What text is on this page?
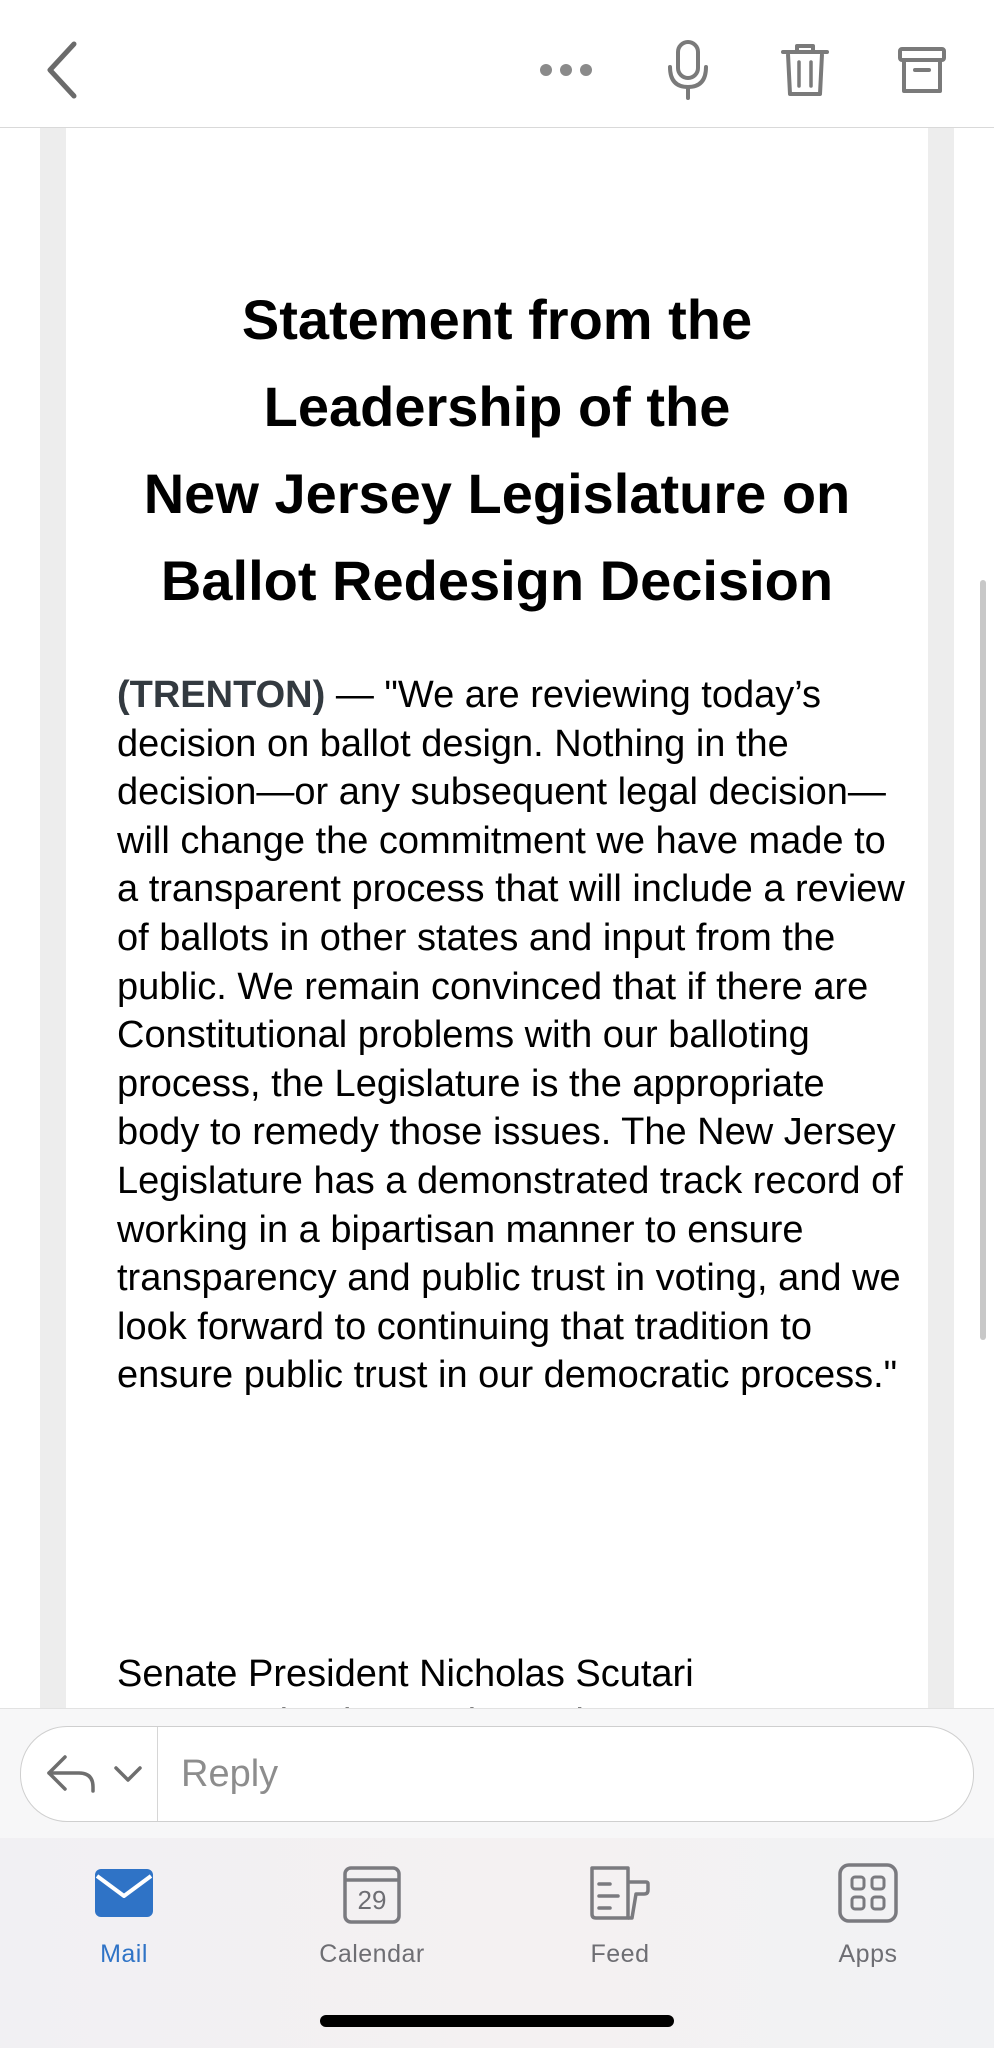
Statement from the
Leadership of the
New Jersey Legislature on
Ballot Redesign Decision

(TRENTON) — "We are reviewing today’s decision on ballot design. Nothing in the decision—or any subsequent legal decision—will change the commitment we have made to a transparent process that will include a review of ballots in other states and input from the public. We remain convinced that if there are Constitutional problems with our balloting process, the Legislature is the appropriate body to remedy those issues. The New Jersey Legislature has a demonstrated track record of working in a bipartisan manner to ensure transparency and public trust in voting, and we look forward to continuing that tradition to ensure public trust in our democratic process."

Senate President Nicholas Scutari
Reply
Mail
29
Calendar	Feed	Apps
